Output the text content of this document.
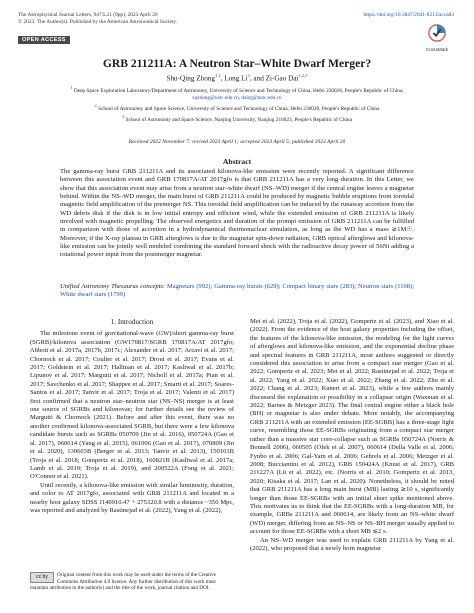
The Astrophysical Journal Letters, 947:L21 (9pp), 2023 April 20
© 2023. The Author(s). Published by the American Astronomical Society.
OPEN ACCESS
https://doi.org/10.3847/2041-8213/acca83
CrossMark
GRB 211211A: A Neutron Star–White Dwarf Merger?
Shu-Qing Zhong$^{1,2}$, Long Li$^3$, and Zi-Gao Dai$^{1,2,3}$
$^1$ Deep Space Exploration Laboratory/Department of Astronomy, University of Science and Technology of China, Hefei 230026, People's Republic of China;
sqzhong@ustc.edu.cn, daizg@ustc.edu.cn
$^2$ School of Astronomy and Space Science, University of Science and Technology of China, Hefei 230026, People's Republic of China
$^3$ School of Astronomy and Space Science, Nanjing University, Nanjing 210023, People's Republic of China
Received 2022 November 7; revised 2023 April 1; accepted 2023 April 5; published 2023 April 20
Abstract
The gamma-ray burst GRB 211211A and its associated kilonova-like emission were recently reported. A significant difference between this association event and GRB 170817A/AT 2017gfo is that GRB 211211A has a very long duration. In this Letter, we show that this association event may arise from a neutron star–white dwarf (NS–WD) merger if the central engine leaves a magnetar behind. Within the NS–WD merger, the main burst of GRB 211211A could be produced by magnetic bubble eruptions from toroidal magnetic field amplification of the premerger NS. This toroidal field amplification can be induced by the runaway accretion from the WD debris disk if the disk is in low initial entropy and efficient wind, while the extended emission of GRB 211211A is likely involved with magnetic propelling. The observed energetics and duration of the prompt emission of GRB 211211A can be fulfilled in comparison with those of accretion in a hydrodynamical thermonuclear simulation, as long as the WD has a mass ≳1M☉. Moreover, if the X-ray plateau in GRB afterglows is due to the magnetar spin-down radiation, GRB optical afterglows and kilonova-like emission can be jointly well modeled combining the standard forward shock with the radioactive decay power of 56Ni adding a rotational power input from the postmerger magnetar.
Unified Astronomy Thesaurus concepts: Magnetars (992); Gamma-ray bursts (629); Compact binary stars (283); Neutron stars (1108); White dwarf stars (1799)
1. Introduction

The milestone event of gravitational-wave (GW)/short gamma-ray burst (SGRB)/kilonova association (GW170817/SGRB 170817A/AT 2017gfo; Abbott et al. 2017a, 2017b, 2017c; Alexander et al. 2017; Arcavi et al. 2017; Chornock et al. 2017; Coulter et al. 2017; Drout et al. 2017; Evans et al. 2017; Goldstein et al. 2017; Hallinan et al. 2017; Kasliwal et al. 2017b; Lipunov et al. 2017; Margutti et al. 2017; Nicholl et al. 2017a; Pian et al. 2017; Savchenko et al. 2017; Shappee et al. 2017; Smartt et al. 2017; Soares-Santos et al. 2017; Tanvir et al. 2017; Troja et al. 2017; Valenti et al. 2017) first confirmed that a neutron star–neutron star (NS–NS) merger is at least one source of SGRBs and kilonovae; for further details see the review of Margutti & Chornock (2021). Before and after this event, there was no another confirmed kilonova-associated SGRB, but there were a few kilonova candidate bursts such as SGRBs 050709 (Jin et al. 2016), 050724A (Gao et al. 2017), 060614 (Yang et al. 2015), 061006 (Gao et al. 2017), 070809 (Jin et al. 2020), 130603B (Berger et al. 2013; Tanvir et al. 2013), 150101B (Troja et al. 2018; Gompertz et al. 2018), 160821B (Kasliwal et al. 2017a; Lamb et al. 2019; Troja et al. 2019), and 200522A (Fong et al. 2021; O'Connor et al. 2021).

Until recently, a kilonova-like emission with similar luminosity, duration, and color to AT 2017gfo, associated with GRB 211211A and located in a nearby host galaxy SDSS J140910.47 + 275320.8 with a distance ~350 Mpc, was reported and analyzed by Rastinejad et al. (2022), Yang et al. (2022),

Mei et al. (2022), Troja et al. (2022), Gompertz et al. (2023), and Xiao et al. (2022). From the evidence of the host galaxy properties including the offset, the features of the kilonova-like emission, the modeling for the light curves of afterglows and kilonova-like emission, and the exponential decline phase and spectral features in GRB 211211A, most authors suggested or directly considered this association to arise from a compact star merger (Gao et al. 2022; Gompertz et al. 2023; Mei et al. 2022; Rastinejad et al. 2022; Troja et al. 2022; Yang et al. 2022; Xiao et al. 2022; Zhang et al. 2022; Zhu et al. 2022; Chang et al. 2023; Kunert et al. 2023), while a few authors mainly discussed the explanation or possibility in a collapsar origin (Waxman et al. 2022; Barnes & Metzger 2023). The final central engine either a black hole (BH) or magnetar is also under debate. More notably, the accompanying GRB 211211A with an extended emission (EE-SGRB) has a three-stage light curve, resembling those EE-SGRBs originating from a compact star merger rather than a massive star core-collapse such as SGRBs 050724A (Norris & Bonnell 2006), 060505 (Ofek et al. 2007), 060614 (Della Valle et al. 2006; Fynbo et al. 2006; Gal-Yam et al. 2006; Gehrels et al. 2006; Metzger et al. 2008; Bucciantini et al. 2012), GRB 150424A (Knust et al. 2017), GRB 211227A (Lü et al. 2022), etc. (Norris et al. 2010; Gompertz et al. 2013, 2020; Kisaka et al. 2017; Lan et al. 2020). Nonetheless, it should be noted that GRB 211211A has a long main burst (MB) lasting ≳10 s, significantly longer than those EE-SGRBs with an initial short spike mentioned above. This motivates us to think that the EE-SGRBs with a long-duration MB, for example, GRBs 211211A and 060614, are likely from an NS–white dwarf (WD) merger, differing from an NS–NS or NS–BH merger usually applied to account for those EE-SGRBs with a short MB ≲2 s.

An NS–WD merger was used to explain GRB 211211A by Yang et al. (2022), who proposed that a newly born magnetar

cc by	Original content from this work may be used under the terms of the Creative Commons Attribution 4.0 licence. Any further distribution of this work must maintain attribution to the author(s) and the title of the work, journal citation and DOI.
